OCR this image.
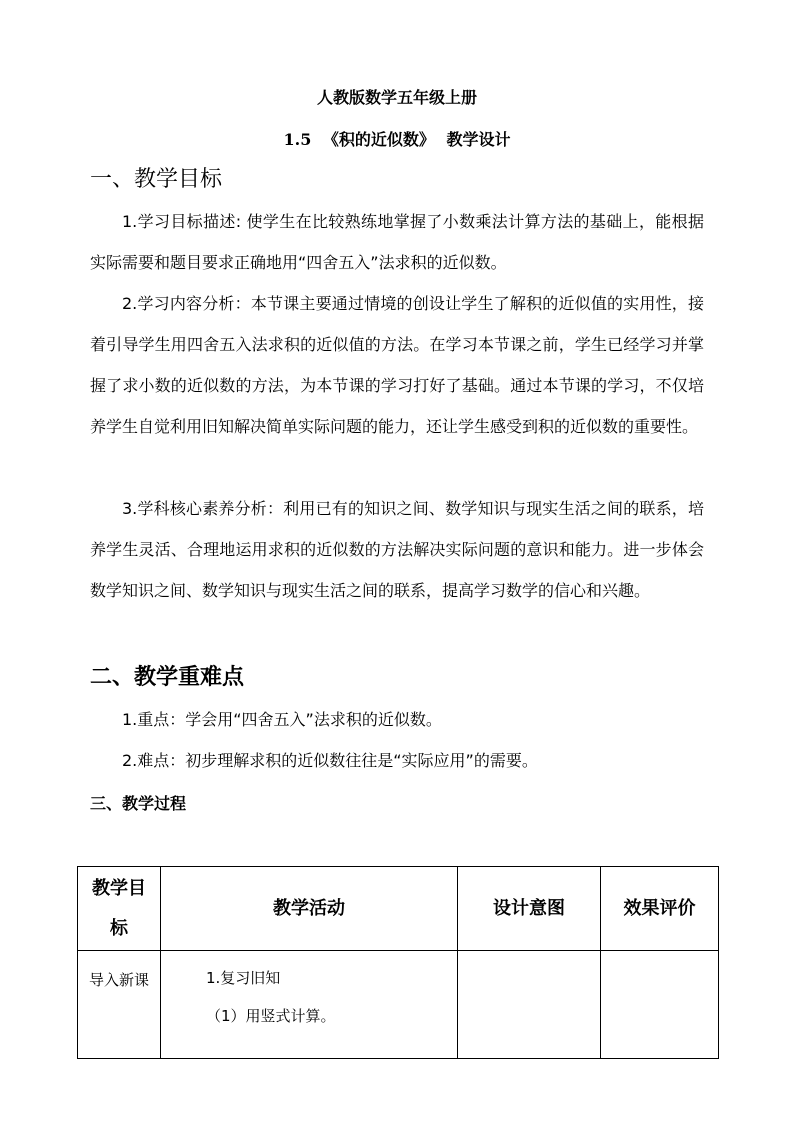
人教版数学五年级上册
1.5 《积的近似数》 教学设计
一、教学目标
1.学习目标描述: 使学生在比较熟练地掌握了小数乘法计算方法的基础上，能根据实际需要和题目要求正确地用“四舍五入”法求积的近似数。
2.学习内容分析：本节课主要通过情境的创设让学生了解积的近似值的实用性，接着引导学生用四舍五入法求积的近似值的方法。在学习本节课之前，学生已经学习并掌握了求小数的近似数的方法，为本节课的学习打好了基础。通过本节课的学习，不仅培养学生自觉利用旧知解决简单实际问题的能力，还让学生感受到积的近似数的重要性。
3.学科核心素养分析：利用已有的知识之间、数学知识与现实生活之间的联系，培养学生灵活、合理地运用求积的近似数的方法解决实际问题的意识和能力。进一步体会数学知识之间、数学知识与现实生活之间的联系，提高学习数学的信心和兴趣。
二、教学重难点
1.重点：学会用“四舍五入”法求积的近似数。
2.难点：初步理解求积的近似数往往是“实际应用”的需要。
三、教学过程
教学目标	教学活动	设计意图	效果评价

导入新课	1.复习旧知
（1）用竖式计算。		
